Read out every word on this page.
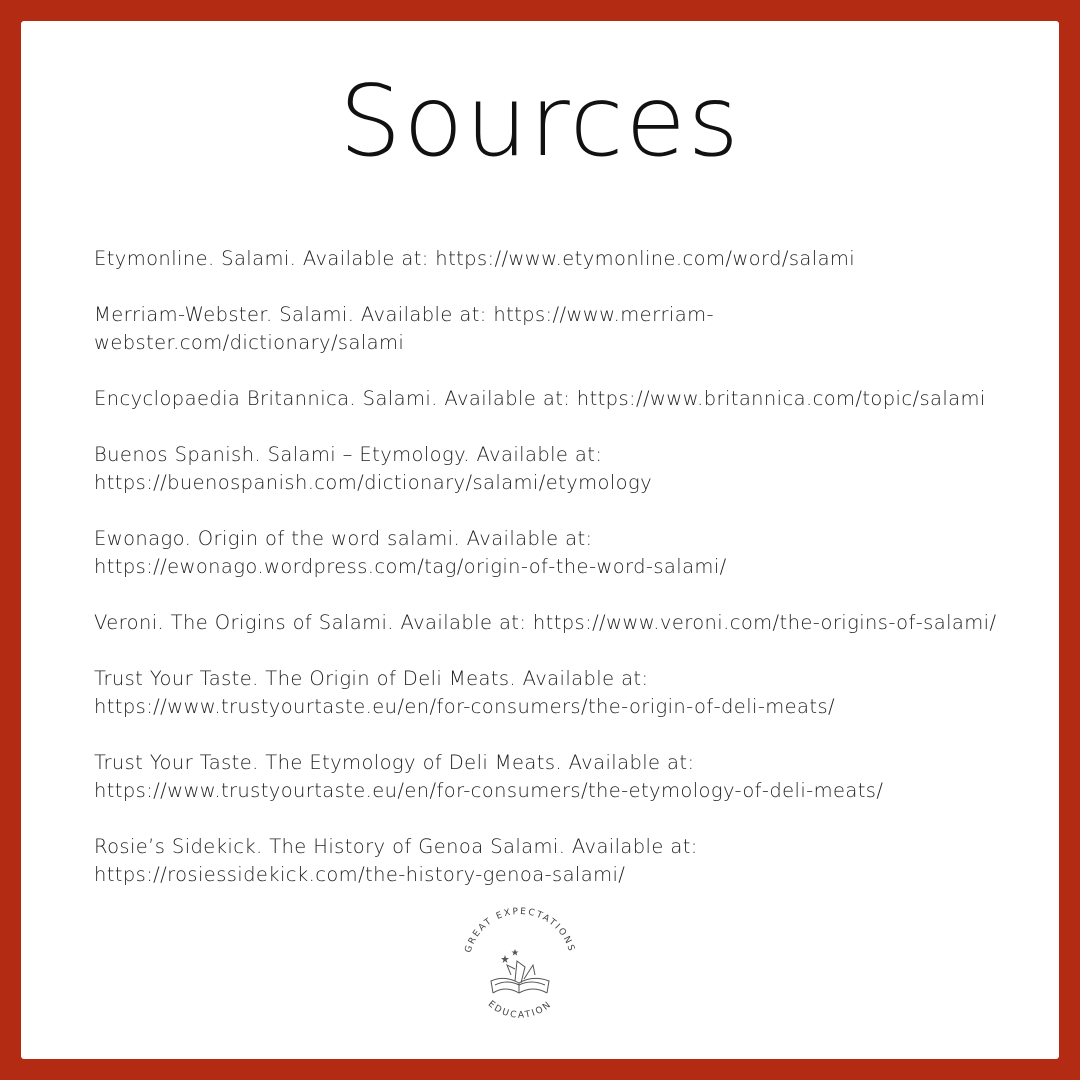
Sources
Etymonline. Salami. Available at: https://www.etymonline.com/word/salami
Merriam-Webster. Salami. Available at: https://www.merriam-
webster.com/dictionary/salami
Encyclopaedia Britannica. Salami. Available at: https://www.britannica.com/topic/salami
Buenos Spanish. Salami – Etymology. Available at:
https://buenospanish.com/dictionary/salami/etymology
Ewonago. Origin of the word salami. Available at:
https://ewonago.wordpress.com/tag/origin-of-the-word-salami/
Veroni. The Origins of Salami. Available at: https://www.veroni.com/the-origins-of-salami/
Trust Your Taste. The Origin of Deli Meats. Available at:
https://www.trustyourtaste.eu/en/for-consumers/the-origin-of-deli-meats/
Trust Your Taste. The Etymology of Deli Meats. Available at:
https://www.trustyourtaste.eu/en/for-consumers/the-etymology-of-deli-meats/
Rosie’s Sidekick. The History of Genoa Salami. Available at:
https://rosiessidekick.com/the-history-genoa-salami/
GREAT EXPECTATIONS
EDUCATION
